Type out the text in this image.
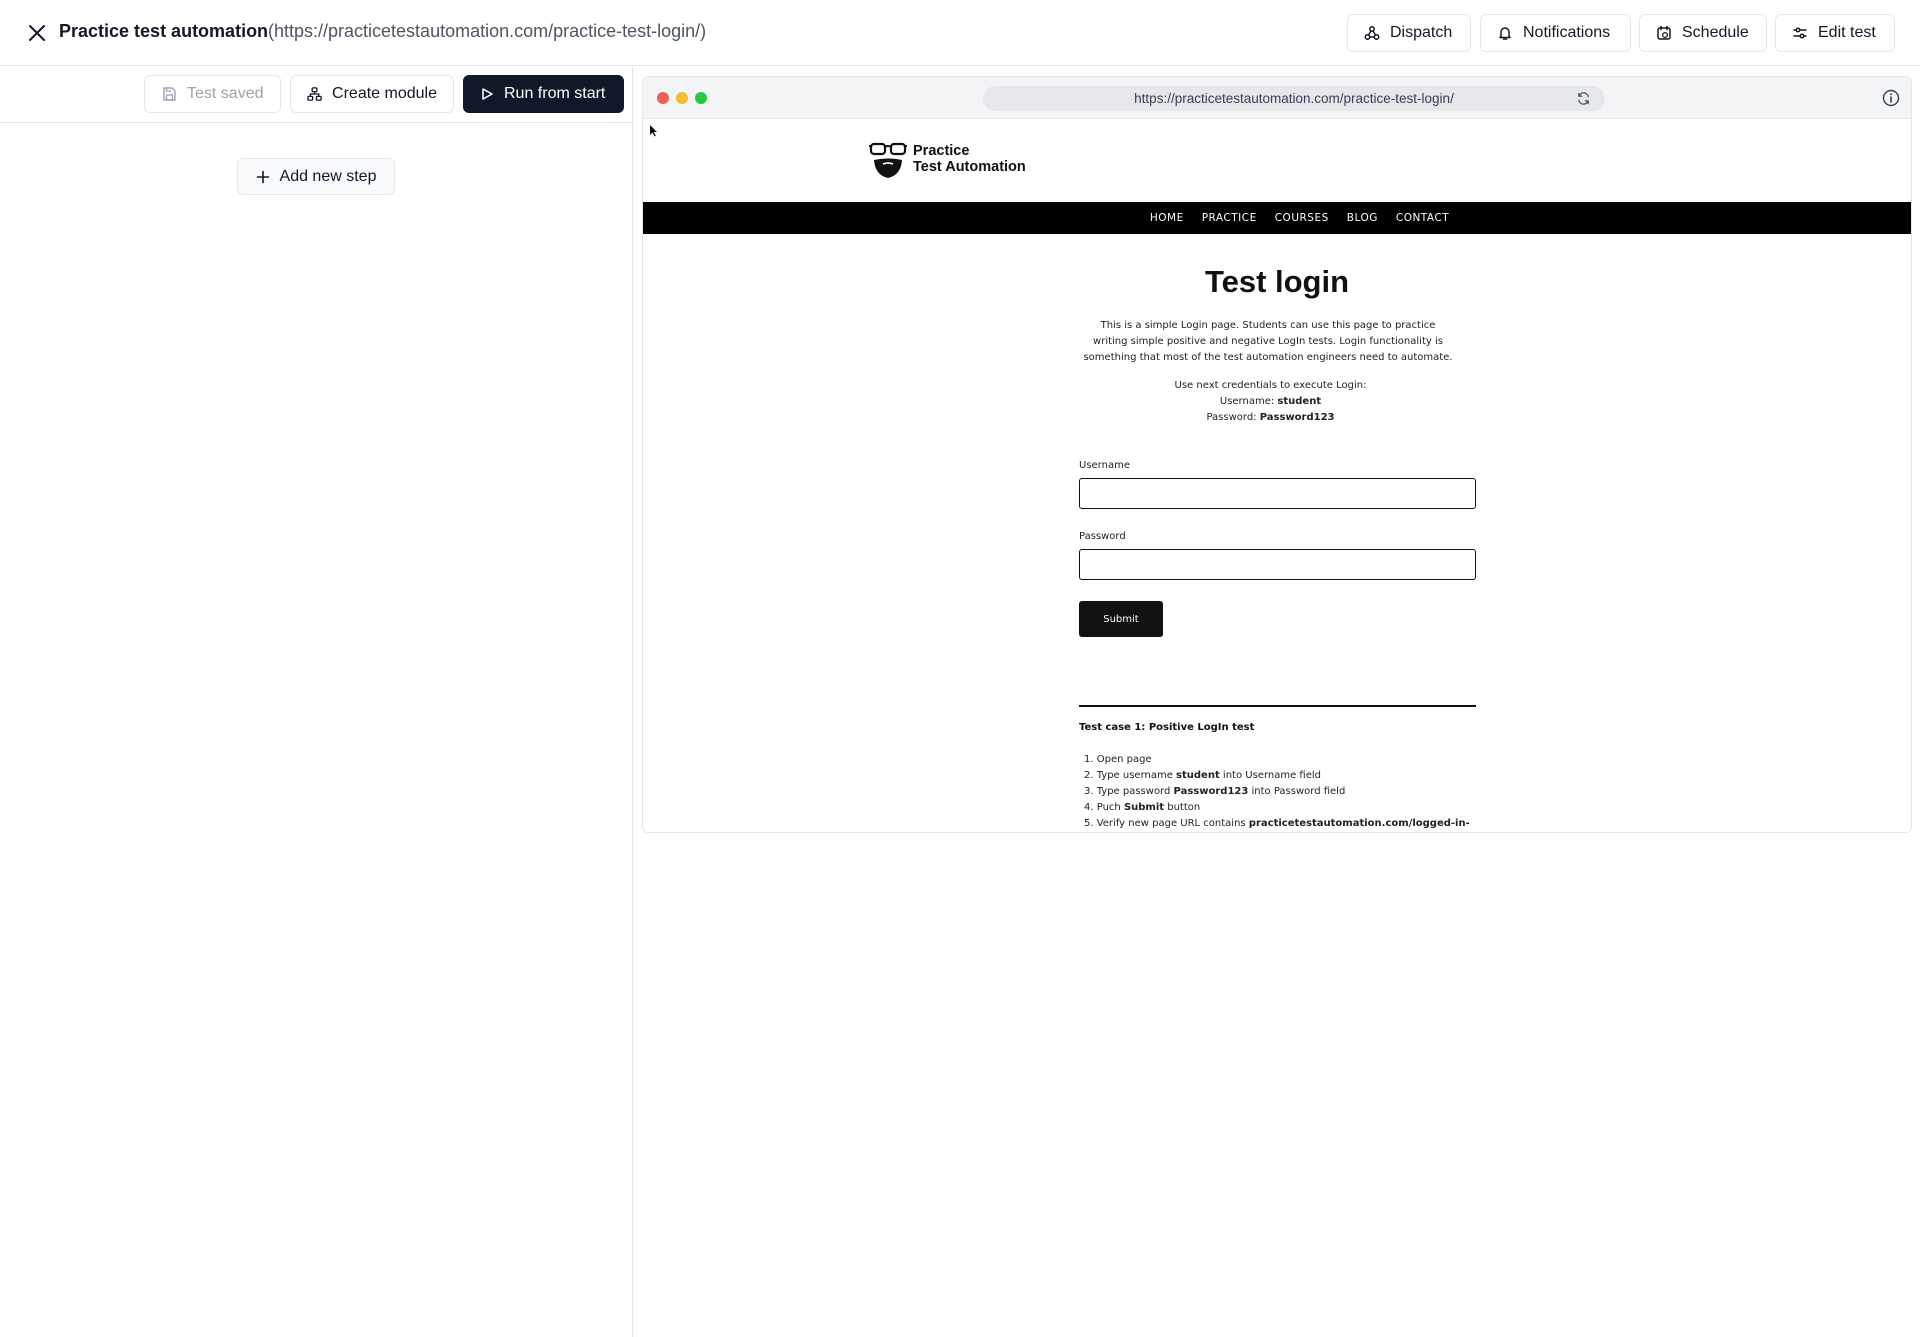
Practice test automation (https://practicetestautomation.com/practice-test-login/)	Dispatch	Notifications	Schedule	Edit test
Test saved	Create module	Run from start
Add new step
https://practicetestautomation.com/practice-test-login/
Practice
Test Automation
HOME PRACTICE COURSES BLOG CONTACT
Test login
This is a simple Login page. Students can use this page to practice writing simple positive and negative LogIn tests. Login functionality is something that most of the test automation engineers need to automate.
Use next credentials to execute Login:
Username: student
Password: Password123
Username
Password
Submit
Test case 1: Positive LogIn test
1. Open page
2. Type username student into Username field
3. Type password Password123 into Password field
4. Puch Submit button
5. Verify new page URL contains practicetestautomation.com/logged-in-
